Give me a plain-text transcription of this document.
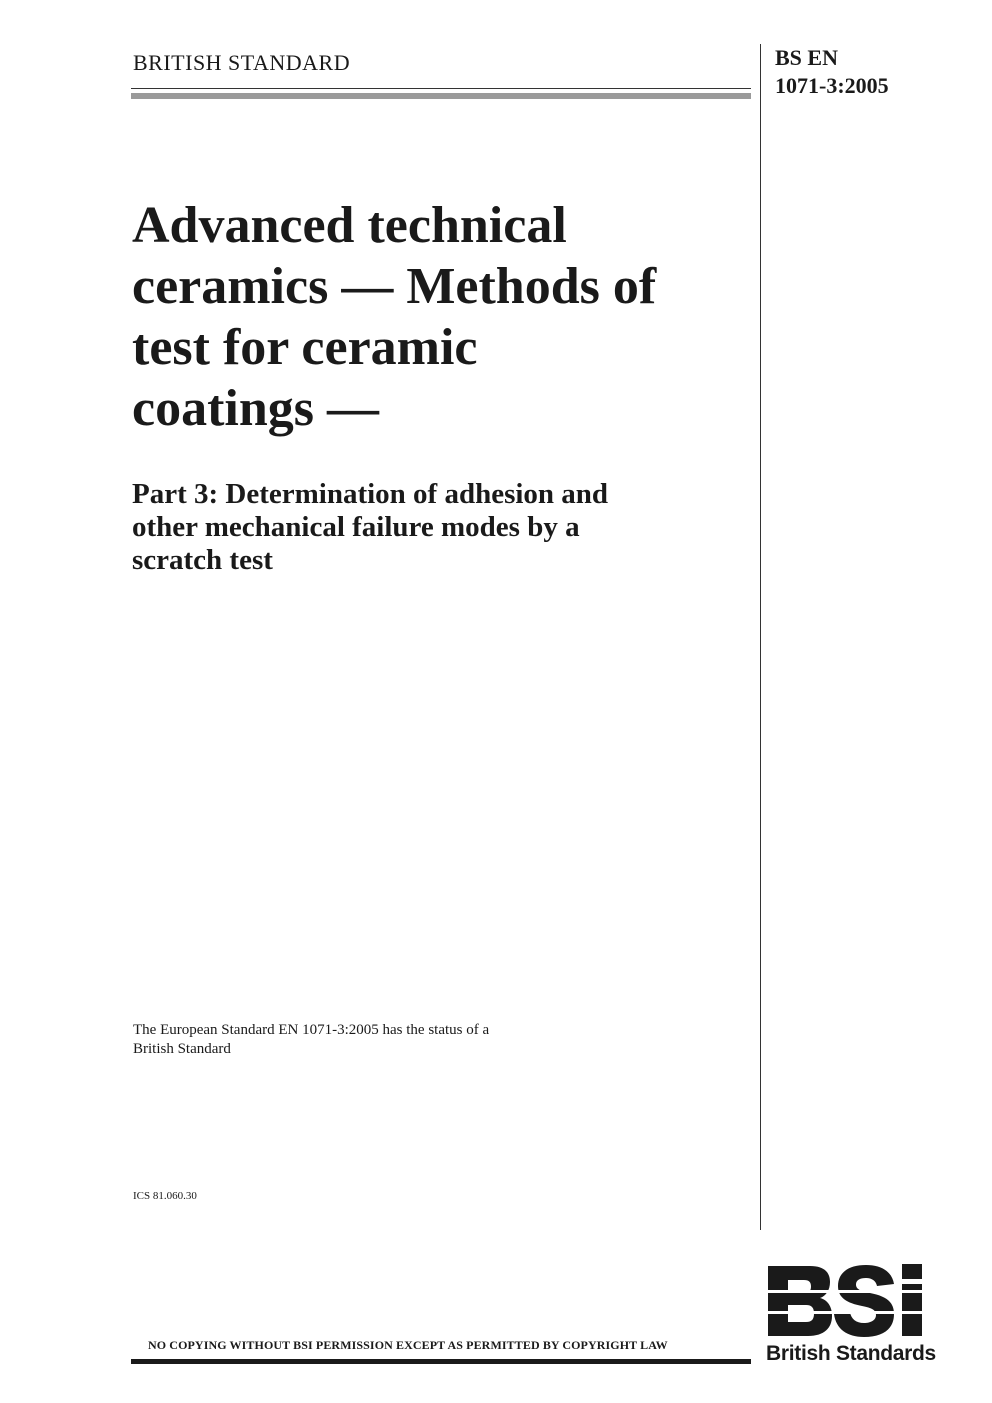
BRITISH STANDARD	BS EN
1071-3:2005
Advanced technical
ceramics — Methods of
test for ceramic
coatings —
Part 3: Determination of adhesion and
other mechanical failure modes by a
scratch test
The European Standard EN 1071-3:2005 has the status of a
British Standard
ICS 81.060.30
NO COPYING WITHOUT BSI PERMISSION EXCEPT AS PERMITTED BY COPYRIGHT LAW	British Standards
